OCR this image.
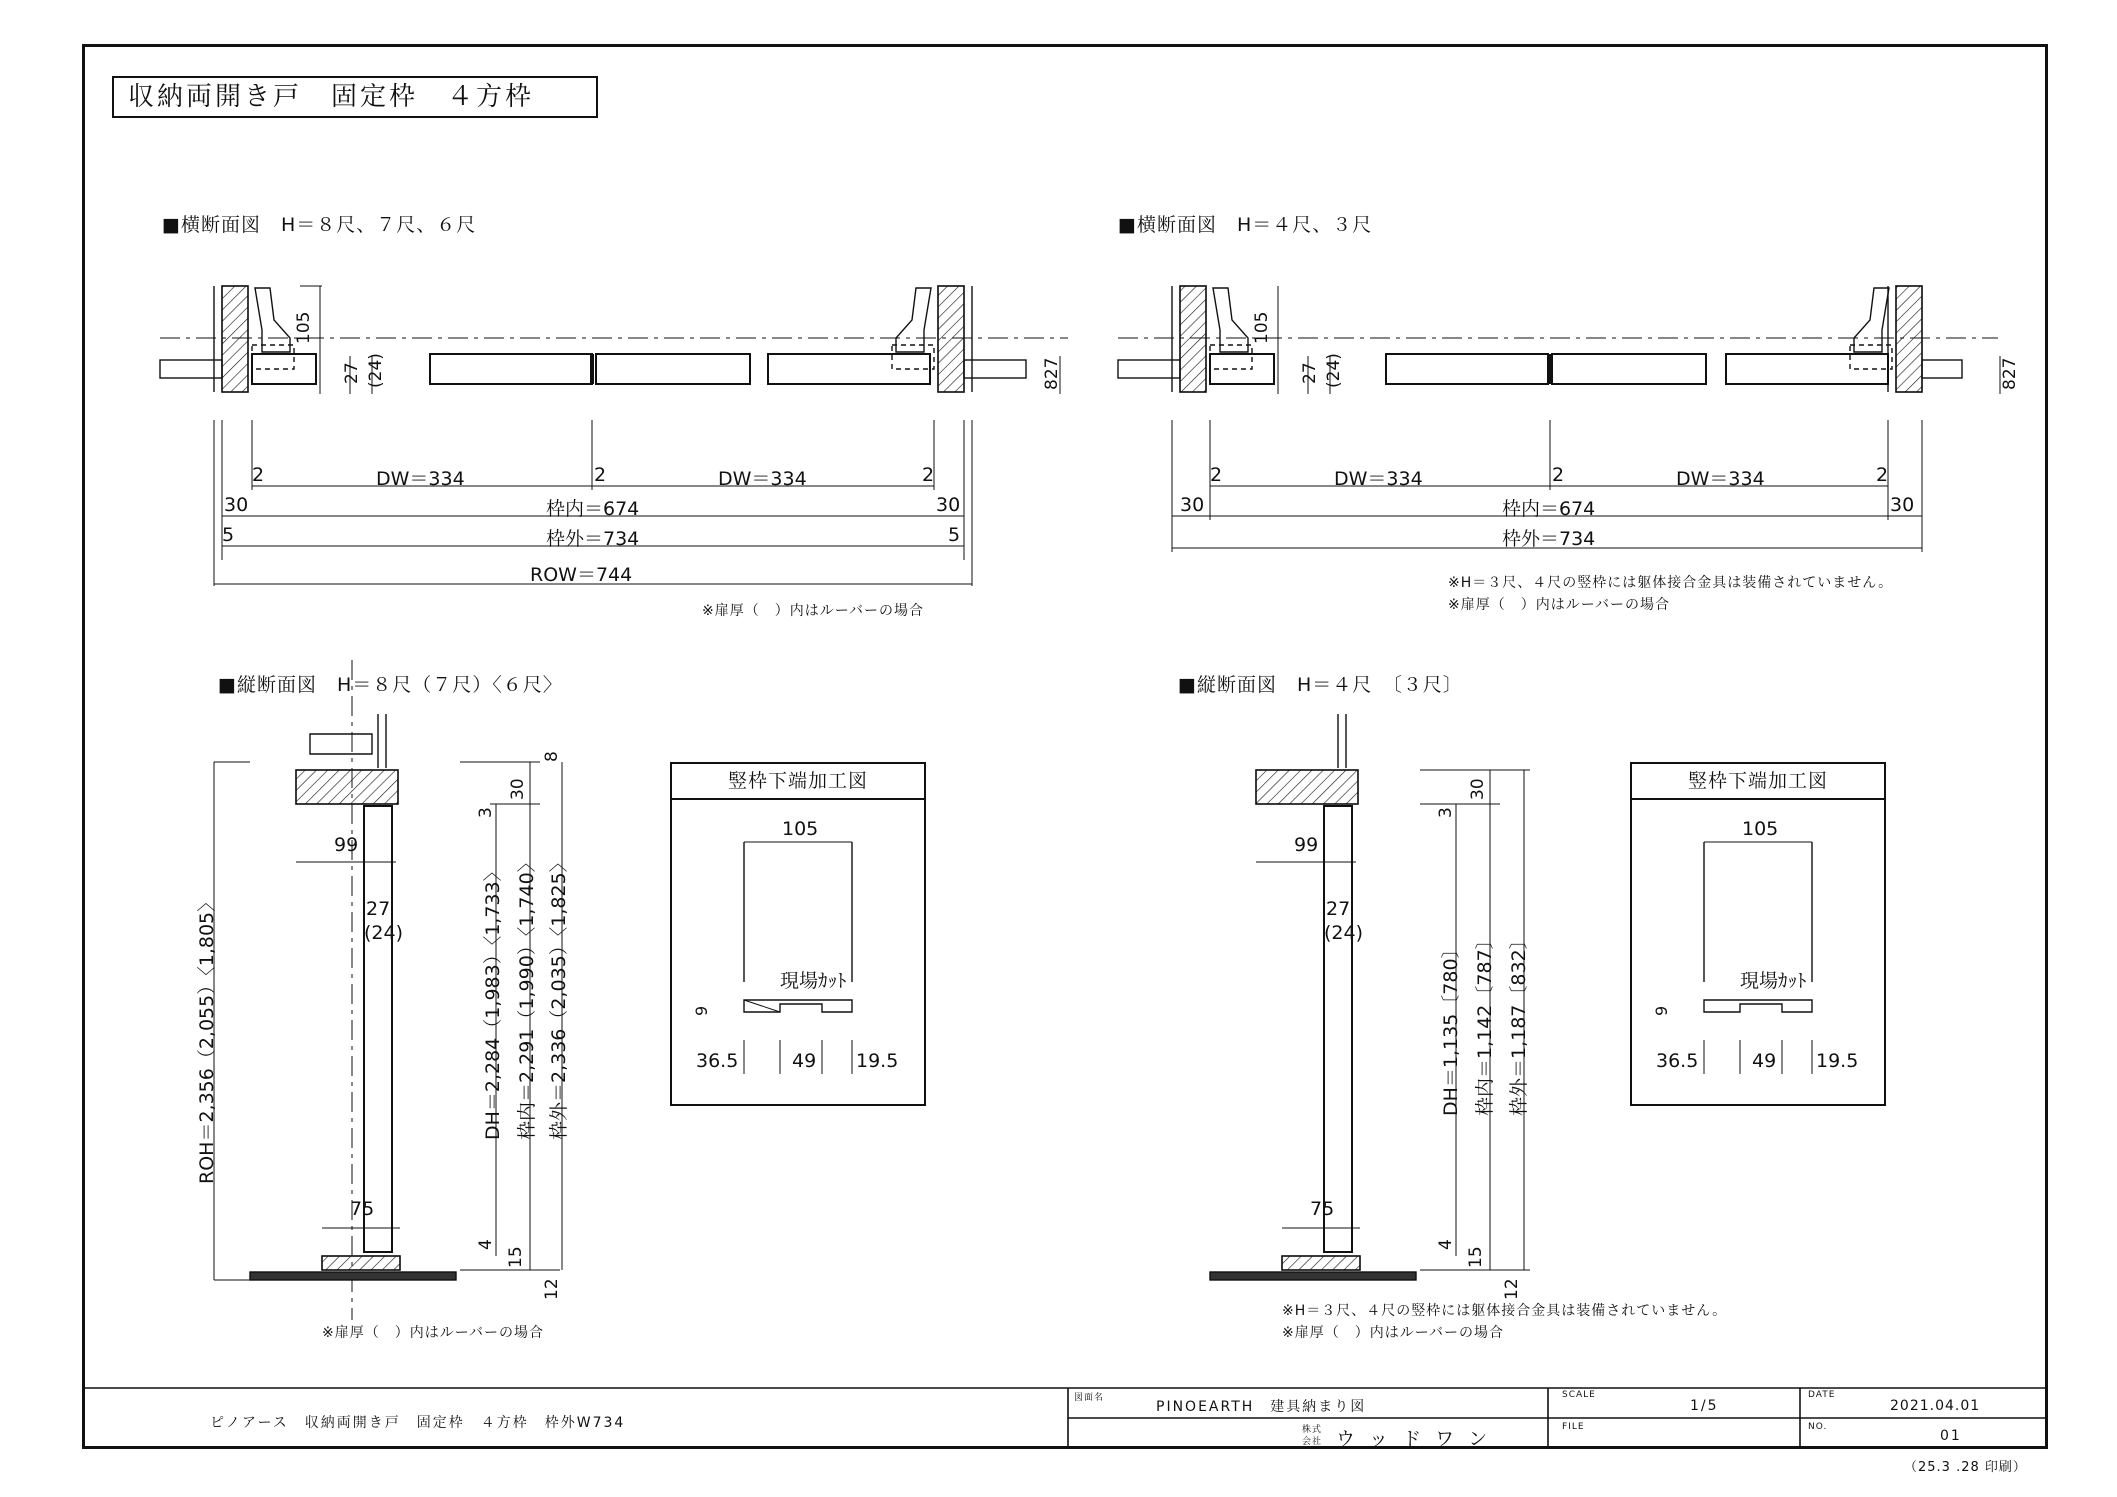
収納両開き戸　固定枠　４方枠
■横断面図　H＝８尺、７尺、６尺	■横断面図　H＝４尺、３尺
■縦断面図　H＝８尺（７尺）〈６尺〉	■縦断面図　H＝４尺　〔３尺〕
105
27 (24)	827
2	DW＝334	2	DW＝334	2
30	枠内＝674	30
5	枠外＝734	5
ROW＝744
※扉厚（　）内はルーバーの場合
105
27 (24)	827
2	DW＝334	2	DW＝334	2
30	枠内＝674	30
枠外＝734
※H＝３尺、４尺の竪枠には躯体接合金具は装備されていません。
※扉厚（　）内はルーバーの場合
ROH＝2,356（2,055）〈1,805〉	DH＝2,284（1,983）〈1,733〉 枠内＝2,291（1,990）〈1,740〉 枠外＝2,336（2,035）〈1,825〉
99
27
(24)
75
8
30
3
4
15
12
※扉厚（　）内はルーバーの場合
DH＝1,135〔780〕 枠内＝1,142〔787〕 枠外＝1,187〔832〕
99
27
(24)
75
30
3
4
15
12
※H＝３尺、４尺の竪枠には躯体接合金具は装備されていません。
※扉厚（　）内はルーバーの場合
竪枠下端加工図
105
現場ｶｯﾄ
9
36.5	49 19.5
竪枠下端加工図
105
現場ｶｯﾄ
9
36.5	49 19.5
ピノアース　収納両開き戸　固定枠　４方枠　枠外W734
図面名
PINOEARTH　建具納まり図
株式
会社 ウ ッ ド ワ ン
SCALE
1/5
FILE
DATE
2021.04.01
NO.
01
（25.3 .28 印刷）
